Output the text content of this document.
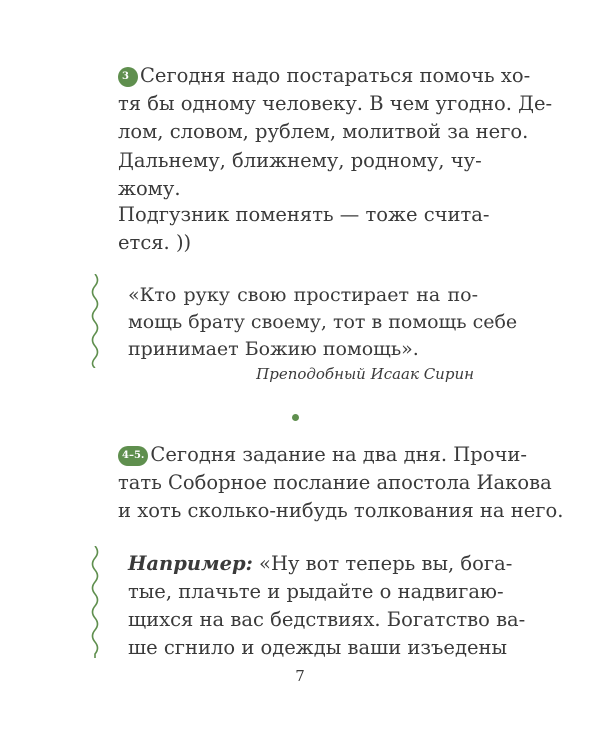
3 Сегодня надо постараться помочь хо-
тя бы одному человеку. В чем угодно. Де-
лом, словом, рублем, молитвой за него.
Дальнему, ближнему, родному, чу-
жому.
Подгузник поменять — тоже счита-
ется. ))
«Кто руку свою простирает на по-
мощь брату своему, тот в помощь себе
принимает Божию помощь».
Преподобный Исаак Сирин
4–5. Сегодня задание на два дня. Прочи-
тать Соборное послание апостола Иакова
и хоть сколько-нибудь толкования на него.
Например: «Ну вот теперь вы, бога-
тые, плачьте и рыдайте о надвигаю-
щихся на вас бедствиях. Богатство ва-
ше сгнило и одежды ваши изъедены
7
